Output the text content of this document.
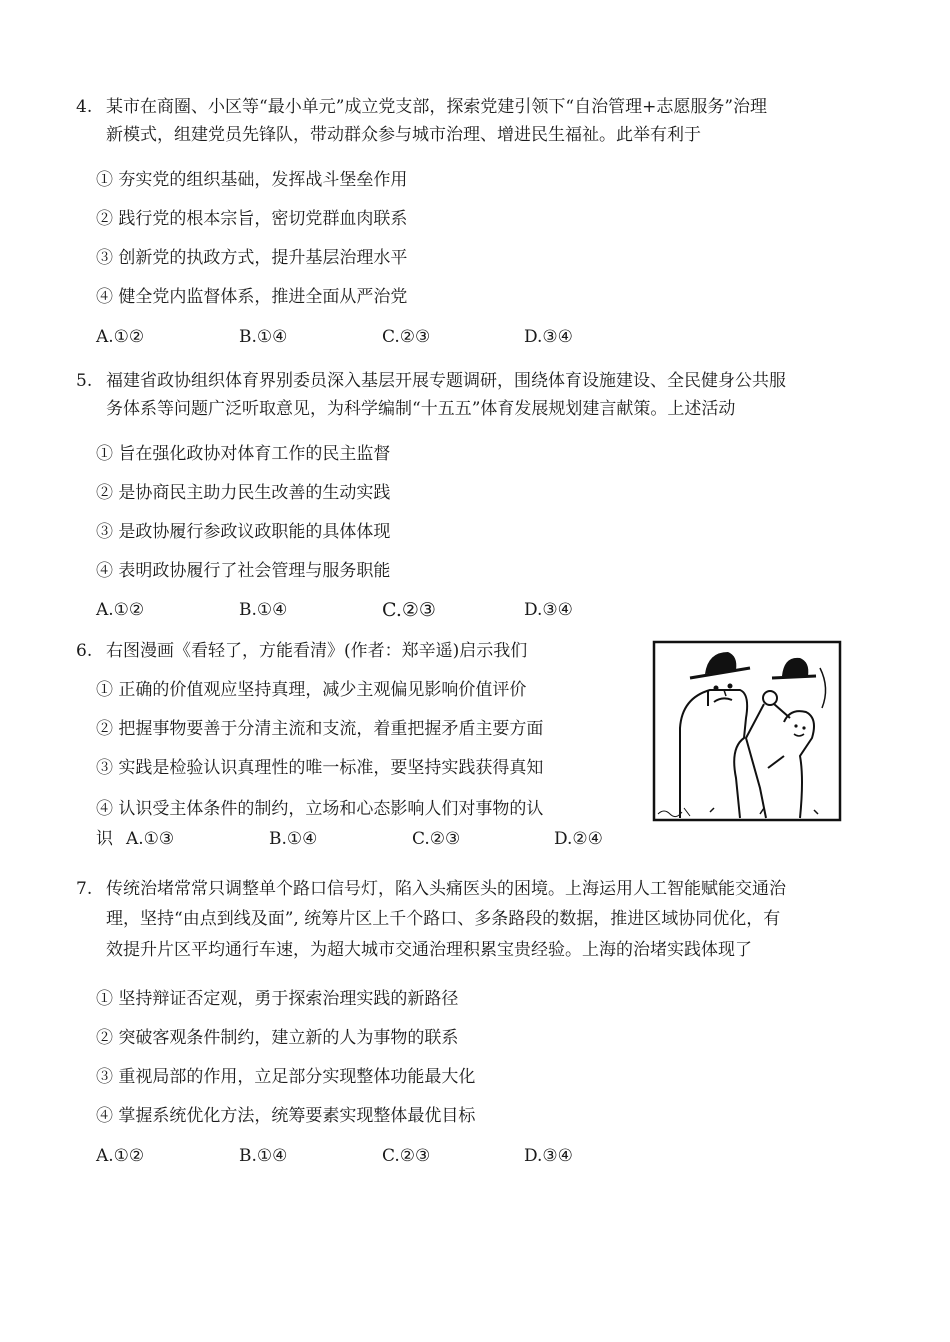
4. 某市在商圈、小区等“最小单元”成立党支部，探索党建引领下“自治管理+志愿服务”治理
新模式，组建党员先锋队，带动群众参与城市治理、增进民生福祉。此举有利于
① 夯实党的组织基础，发挥战斗堡垒作用
② 践行党的根本宗旨，密切党群血肉联系
③ 创新党的执政方式，提升基层治理水平
④ 健全党内监督体系，推进全面从严治党
A.①②	B.①④	C.②③	D.③④
5. 福建省政协组织体育界别委员深入基层开展专题调研，围绕体育设施建设、全民健身公共服
务体系等问题广泛听取意见，为科学编制“十五五”体育发展规划建言献策。上述活动
① 旨在强化政协对体育工作的民主监督
② 是协商民主助力民生改善的生动实践
③ 是政协履行参政议政职能的具体体现
④ 表明政协履行了社会管理与服务职能
A.①②	B.①④	C.②③	D.③④
6. 右图漫画《看轻了，方能看清》(作者：郑辛遥)启示我们
① 正确的价值观应坚持真理，减少主观偏见影响价值评价
② 把握事物要善于分清主流和支流，着重把握矛盾主要方面
③ 实践是检验认识真理性的唯一标准，要坚持实践获得真知
④ 认识受主体条件的制约，立场和心态影响人们对事物的认
识 A.①③	B.①④	C.②③	D.②④
7. 传统治堵常常只调整单个路口信号灯，陷入头痛医头的困境。上海运用人工智能赋能交通治
理，坚持“由点到线及面”, 统筹片区上千个路口、多条路段的数据，推进区域协同优化，有
效提升片区平均通行车速，为超大城市交通治理积累宝贵经验。上海的治堵实践体现了
① 坚持辩证否定观，勇于探索治理实践的新路径
② 突破客观条件制约，建立新的人为事物的联系
③ 重视局部的作用，立足部分实现整体功能最大化
④ 掌握系统优化方法，统筹要素实现整体最优目标
A.①②	B.①④	C.②③	D.③④
